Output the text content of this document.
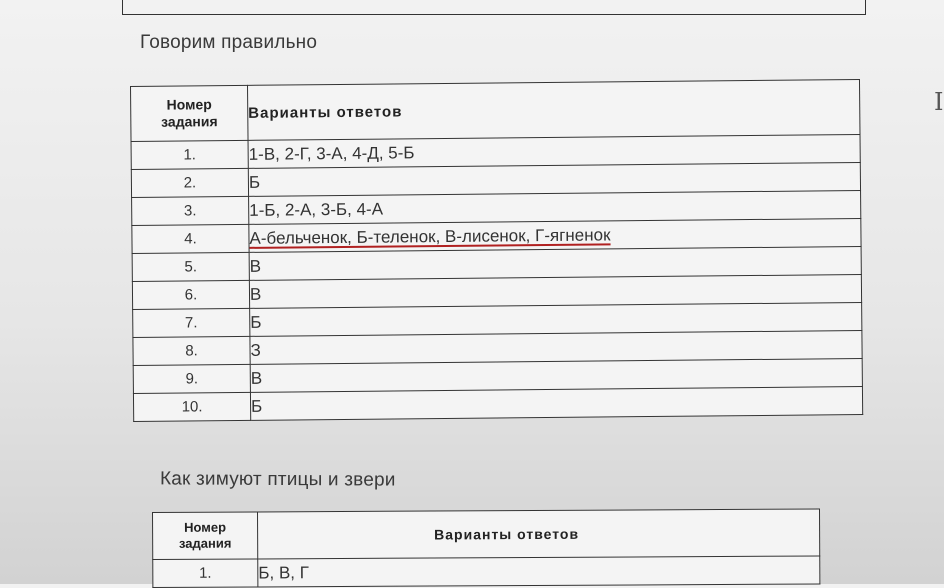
I
Говорим правильно
Номер
задания	Варианты ответов
1.	1-В, 2-Г, 3-А, 4-Д, 5-Б
2.	Б
3.	1-Б, 2-А, 3-Б, 4-А
4.	А-бельченок, Б-теленок, В-лисенок, Г-ягненок
5.	В
6.	В
7.	Б
8.	З
9.	В
10.	Б
Как зимуют птицы и звери
Номер
задания	Варианты ответов
1.	Б, В, Г
